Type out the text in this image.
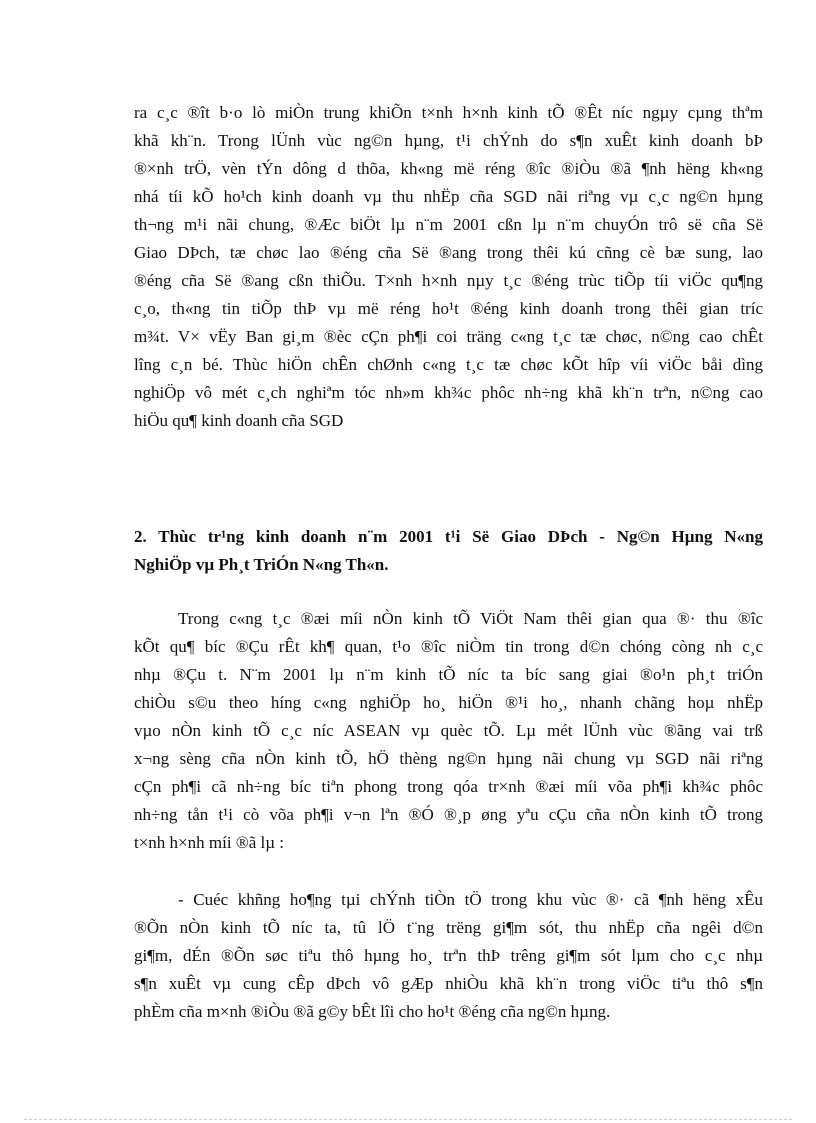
ra c¸c ®ît b·o lò miÒn trung khiÕn t×nh h×nh kinh tÕ ®Êt níc ngµy cµng thªm
khã kh¨n. Trong lÜnh vùc ng©n hµng, t¹i chÝnh do s¶n xuÊt kinh doanh bÞ
®×nh trÖ, vèn tÝn dông d thõa, kh«ng më réng ®îc ®iÒu ®ã ¶nh hëng kh«ng
nhá tíi kÕ ho¹ch kinh doanh vµ thu nhËp cña SGD nãi riªng vµ c¸c ng©n hµng
th¬ng m¹i nãi chung, ®Æc biÖt lµ n¨m 2001 cßn lµ n¨m chuyÓn trô së cña Së
Giao DÞch, tæ chøc lao ®éng cña Së ®ang trong thêi kú cñng cè bæ sung, lao
®éng cña Së ®ang cßn thiÕu. T×nh h×nh nµy t¸c ®éng trùc tiÕp tíi viÖc qu¶ng
c¸o, th«ng tin tiÕp thÞ vµ më réng ho¹t ®éng kinh doanh trong thêi gian tríc
m¾t. V× vËy Ban gi¸m ®èc cÇn ph¶i coi träng c«ng t¸c tæ chøc, n©ng cao chÊt
lîng c¸n bé. Thùc hiÖn chÊn chØnh c«ng t¸c tæ chøc kÕt hîp víi viÖc båi dìng
nghiÖp vô mét c¸ch nghiªm tóc nh»m kh¾c phôc nh÷ng khã kh¨n trªn, n©ng cao
hiÖu qu¶ kinh doanh cña SGD
2. Thùc tr¹ng kinh doanh n¨m 2001 t¹i Së Giao DÞch - Ng©n Hµng N«ng
NghiÖp vµ Ph¸t TriÓn N«ng Th«n.
Trong c«ng t¸c ®æi míi nÒn kinh tÕ ViÖt Nam thêi gian qua ®· thu ®îc
kÕt qu¶ bíc ®Çu rÊt kh¶ quan, t¹o ®îc niÒm tin trong d©n chóng còng nh c¸c
nhµ ®Çu t. N¨m 2001 lµ n¨m kinh tÕ níc ta bíc sang giai ®o¹n ph¸t triÓn
chiÒu s©u theo híng c«ng nghiÖp ho¸ hiÖn ®¹i ho¸, nhanh chãng hoµ nhËp
vµo nÒn kinh tÕ c¸c níc ASEAN vµ quèc tÕ. Lµ mét lÜnh vùc ®ãng vai trß
x¬ng sèng cña nÒn kinh tÕ, hÖ thèng ng©n hµng nãi chung vµ SGD nãi riªng
cÇn ph¶i cã nh÷ng bíc tiªn phong trong qóa tr×nh ®æi míi võa ph¶i kh¾c phôc
nh÷ng tån t¹i cò võa ph¶i v¬n lªn ®Ó ®¸p øng yªu cÇu cña nÒn kinh tÕ trong
t×nh h×nh míi ®ã lµ :
- Cuéc khñng ho¶ng tµi chÝnh tiÒn tÖ trong khu vùc ®· cã ¶nh hëng xÊu
®Õn nÒn kinh tÕ níc ta, tû lÖ t¨ng trëng gi¶m sót, thu nhËp cña ngêi d©n
gi¶m, dÉn ®Õn søc tiªu thô hµng ho¸ trªn thÞ trêng gi¶m sót lµm cho c¸c nhµ
s¶n xuÊt vµ cung cÊp dÞch vô gÆp nhiÒu khã kh¨n trong viÖc tiªu thô s¶n
phÈm cña m×nh ®iÒu ®ã g©y bÊt lîi cho ho¹t ®éng cña ng©n hµng.
